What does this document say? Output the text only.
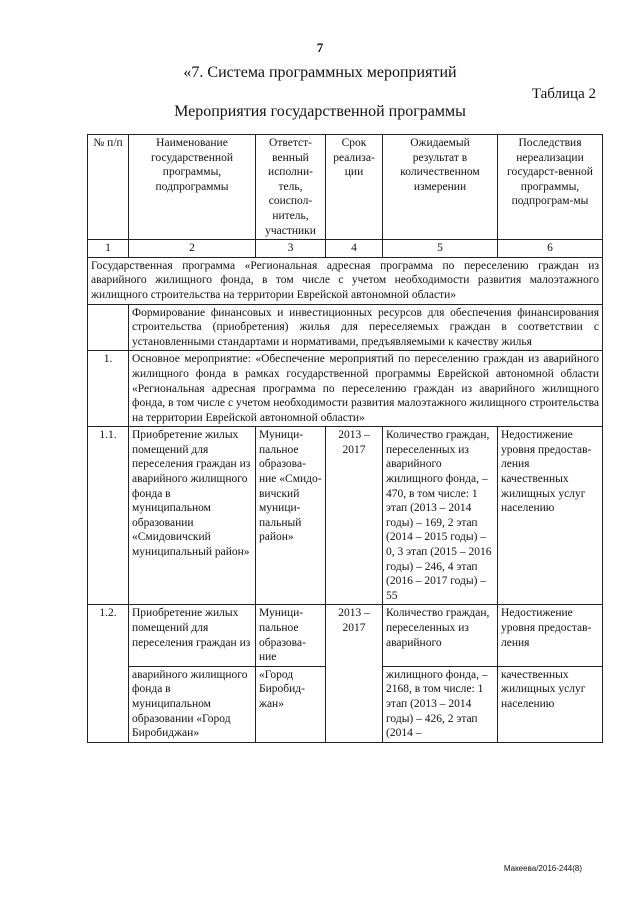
7
«7. Система программных мероприятий
Таблица 2
Мероприятия государственной программы
№ п/п	Наименование государственной программы, подпрограммы	Ответст-венный исполни-тель, соиспол-нитель, участники	Срок реализа-ции	Ожидаемый результат в количественном измерении	Последствия нереализации государст-венной программы, подпрограм-мы
1	2	3	4	5	6
Государственная программа «Региональная адресная программа по переселению граждан из аварийного жилищного фонда, в том числе с учетом необходимости развития малоэтажного жилищного строительства на территории Еврейской автономной области»					
	Формирование финансовых и инвестиционных ресурсов для обеспечения финансирования строительства (приобретения) жилья для переселяемых граждан в соответствии с установленными стандартами и нормативами, предъявляемыми к качеству жилья				
1.	Основное мероприятие: «Обеспечение мероприятий по переселению граждан из аварийного жилищного фонда в рамках государственной программы Еврейской автономной области «Региональная адресная программа по переселению граждан из аварийного жилищного фонда, в том числе с учетом необходимости развития малоэтажного жилищного строительства на территории Еврейской автономной области»				
1.1.	Приобретение жилых помещений для переселения граждан из аварийного жилищного фонда в муниципальном образовании «Смидовичский муниципальный район»	Муници-пальное образова-ние «Смидо-вичский муници-пальный район»	2013 – 2017	Количество граждан, переселенных из аварийного жилищного фонда, – 470, в том числе: 1 этап (2013 – 2014 годы) – 169, 2 этап (2014 – 2015 годы) – 0, 3 этап (2015 – 2016 годы) – 246, 4 этап (2016 – 2017 годы) – 55	Недостижение уровня предостав-ления качественных жилищных услуг населению
1.2.	Приобретение жилых помещений для переселения граждан из	Муници-пальное образова-ние	2013 – 2017	Количество граждан, переселенных из аварийного	Недостижение уровня предостав-ления
	аварийного жилищного фонда в муниципальном образовании «Город Биробиджан»	«Город Биробид-жан»		жилищного фонда, – 2168, в том числе: 1 этап (2013 – 2014 годы) – 426, 2 этап (2014 –	качественных жилищных услуг населению
Макеева/2016-244(8)
